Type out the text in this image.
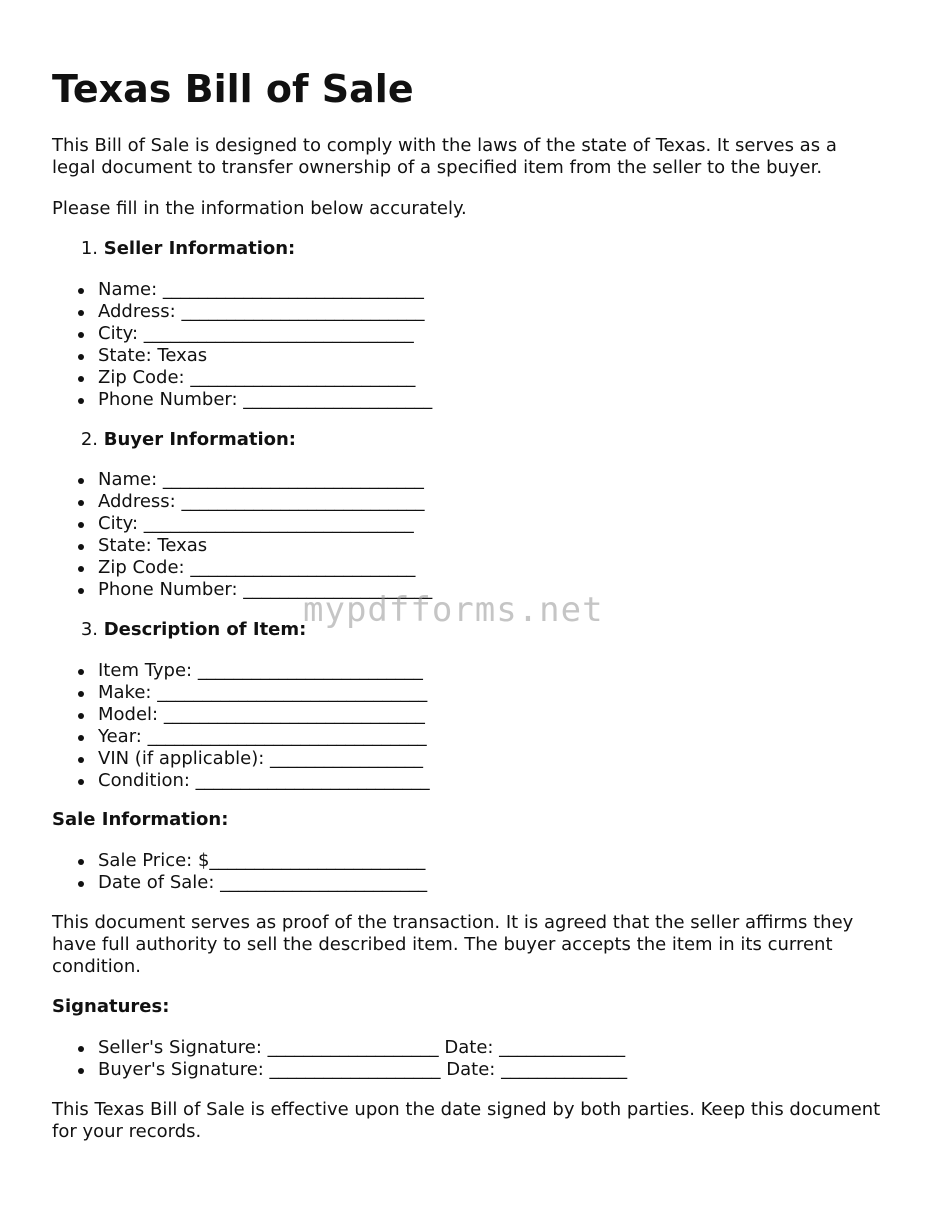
Texas Bill of Sale

This Bill of Sale is designed to comply with the laws of the state of Texas. It serves as a legal document to transfer ownership of a specified item from the seller to the buyer.

Please fill in the information below accurately.

1. Seller Information:
Name: _____________________________
Address: ___________________________
City: ______________________________
State: Texas
Zip Code: _________________________
Phone Number: _____________________
2. Buyer Information:
Name: _____________________________
Address: ___________________________
City: ______________________________
State: Texas
Zip Code: _________________________
Phone Number: _____________________
3. Description of Item:
Item Type: _________________________
Make: ______________________________
Model: _____________________________
Year: _______________________________
VIN (if applicable): _________________
Condition: __________________________

Sale Information:

Sale Price: $________________________
Date of Sale: _______________________

This document serves as proof of the transaction. It is agreed that the seller affirms they have full authority to sell the described item. The buyer accepts the item in its current condition.

Signatures:

Seller's Signature: ___________________ Date: ______________
Buyer's Signature: ___________________ Date: ______________

This Texas Bill of Sale is effective upon the date signed by both parties. Keep this document for your records.

mypdfforms.net
